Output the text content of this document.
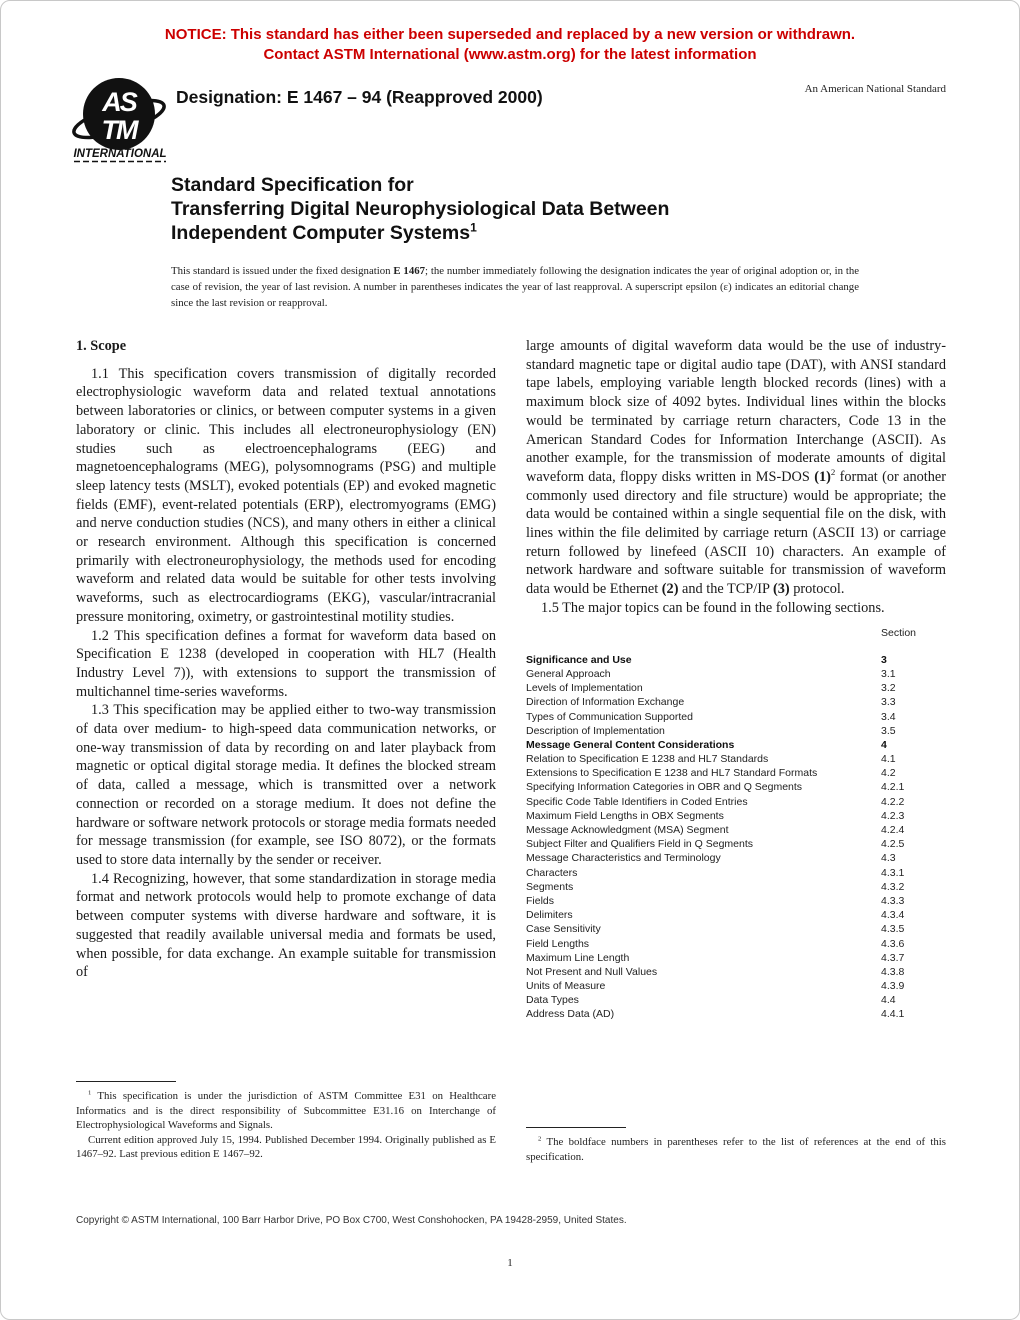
NOTICE: This standard has either been superseded and replaced by a new version or withdrawn.
Contact ASTM International (www.astm.org) for the latest information
AS
TM
INTERNATIONAL
Designation: E 1467 – 94 (Reapproved 2000)	An American National Standard
Standard Specification for
Transferring Digital Neurophysiological Data Between
Independent Computer Systems$^1$
This standard is issued under the fixed designation E 1467; the number immediately following the designation indicates the year of original adoption or, in the case of revision, the year of last revision. A number in parentheses indicates the year of last reapproval. A superscript epsilon (ε) indicates an editorial change since the last revision or reapproval.
1. Scope

1.1 This specification covers transmission of digitally recorded electrophysiologic waveform data and related textual annotations between laboratories or clinics, or between computer systems in a given laboratory or clinic. This includes all electroneurophysiology (EN) studies such as electroencephalograms (EEG) and magnetoencephalograms (MEG), polysomnograms (PSG) and multiple sleep latency tests (MSLT), evoked potentials (EP) and evoked magnetic fields (EMF), event-related potentials (ERP), electromyograms (EMG) and nerve conduction studies (NCS), and many others in either a clinical or research environment. Although this specification is concerned primarily with electroneurophysiology, the methods used for encoding waveform and related data would be suitable for other tests involving waveforms, such as electrocardiograms (EKG), vascular/intracranial pressure monitoring, oximetry, or gastrointestinal motility studies.

1.2 This specification defines a format for waveform data based on Specification E 1238 (developed in cooperation with HL7 (Health Industry Level 7)), with extensions to support the transmission of multichannel time-series waveforms.

1.3 This specification may be applied either to two-way transmission of data over medium- to high-speed data communication networks, or one-way transmission of data by recording on and later playback from magnetic or optical digital storage media. It defines the blocked stream of data, called a message, which is transmitted over a network connection or recorded on a storage medium. It does not define the hardware or software network protocols or storage media formats needed for message transmission (for example, see ISO 8072), or the formats used to store data internally by the sender or receiver.

1.4 Recognizing, however, that some standardization in storage media format and network protocols would help to promote exchange of data between computer systems with diverse hardware and software, it is suggested that readily available universal media and formats be used, when possible, for data exchange. An example suitable for transmission of

large amounts of digital waveform data would be the use of industry-standard magnetic tape or digital audio tape (DAT), with ANSI standard tape labels, employing variable length blocked records (lines) with a maximum block size of 4092 bytes. Individual lines within the blocks would be terminated by carriage return characters, Code 13 in the American Standard Codes for Information Interchange (ASCII). As another example, for the transmission of moderate amounts of digital waveform data, floppy disks written in MS-DOS (1)$^2$ format (or another commonly used directory and file structure) would be appropriate; the data would be contained within a single sequential file on the disk, with lines within the file delimited by carriage return (ASCII 13) or carriage return followed by linefeed (ASCII 10) characters. An example of network hardware and software suitable for transmission of waveform data would be Ethernet (2) and the TCP/IP (3) protocol.

1.5 The major topics can be found in the following sections.

Section
Significance and Use	3
General Approach	3.1
Levels of Implementation	3.2
Direction of Information Exchange	3.3
Types of Communication Supported	3.4
Description of Implementation	3.5
Message General Content Considerations	4
Relation to Specification E 1238 and HL7 Standards	4.1
Extensions to Specification E 1238 and HL7 Standard Formats	4.2
Specifying Information Categories in OBR and Q Segments	4.2.1
Specific Code Table Identifiers in Coded Entries	4.2.2
Maximum Field Lengths in OBX Segments	4.2.3
Message Acknowledgment (MSA) Segment	4.2.4
Subject Filter and Qualifiers Field in Q Segments	4.2.5
Message Characteristics and Terminology	4.3
Characters	4.3.1
Segments	4.3.2
Fields	4.3.3
Delimiters	4.3.4
Case Sensitivity	4.3.5
Field Lengths	4.3.6
Maximum Line Length	4.3.7
Not Present and Null Values	4.3.8
Units of Measure	4.3.9
Data Types	4.4
Address Data (AD)	4.4.1

$^1$ This specification is under the jurisdiction of ASTM Committee E31 on Healthcare Informatics and is the direct responsibility of Subcommittee E31.16 on Interchange of Electrophysiological Waveforms and Signals.

Current edition approved July 15, 1994. Published December 1994. Originally published as E 1467–92. Last previous edition E 1467–92.

$^2$ The boldface numbers in parentheses refer to the list of references at the end of this specification.

Copyright © ASTM International, 100 Barr Harbor Drive, PO Box C700, West Conshohocken, PA 19428-2959, United States.
1
